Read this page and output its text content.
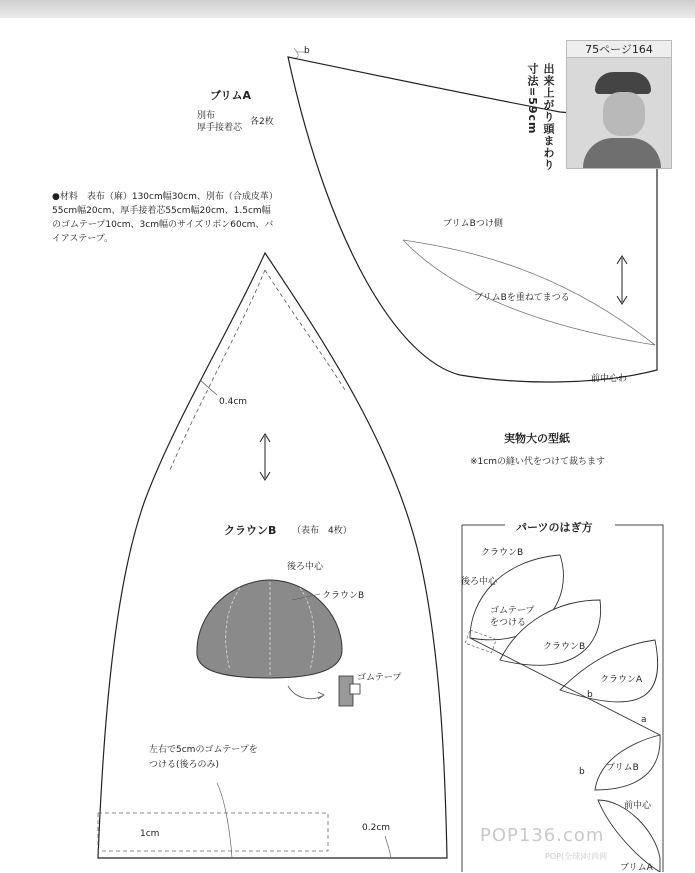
ブリムA
別布
厚手接着芯
各2枚
b
ブリムBつけ側
ブリムBを重ねてまつる
前中心わ
75ページ164
出来上がり頭まわり寸法=59cm
●材料　表布（麻）130cm幅30cm、別布（合成皮革）55cm幅20cm、厚手接着芯55cm幅20cm、1.5cm幅のゴムテープ10cm、3cm幅のサイズリボン60cm、バイアステープ。
実物大の型紙
※1cmの縫い代をつけて裁ちます
クラウンB （表布　4枚）
0.4cm
後ろ中心
クラウンB
ゴムテープ
左右で5cmのゴムテープを
つける(後ろのみ)
1cm
0.2cm
パーツのはぎ方
クラウンB
後ろ中心
ゴムテープ
をつける
クラウンB
クラウンA
b
a
b ブリムB
前中心
ブリムA
POP136.com
POP(全球)时尚网
